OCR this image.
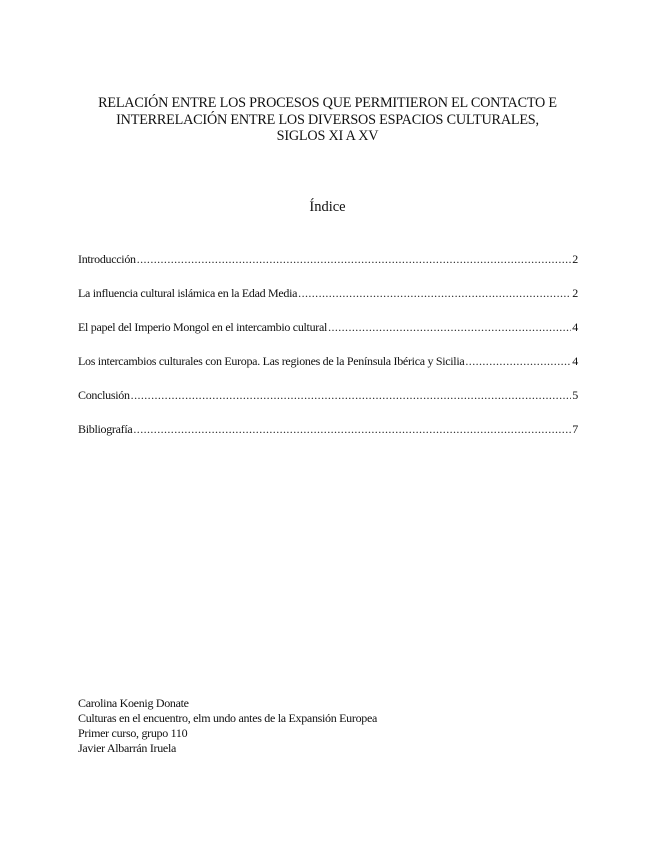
RELACIÓN ENTRE LOS PROCESOS QUE PERMITIERON EL CONTACTO E
INTERRELACIÓN ENTRE LOS DIVERSOS ESPACIOS CULTURALES,
SIGLOS XI A XV
Índice
Introducción .....	2
La influencia cultural islámica en la Edad Media .....	2
El papel del Imperio Mongol en el intercambio cultural .....	4
Los intercambios culturales con Europa. Las regiones de la Península Ibérica y Sicilia .....	4
Conclusión .....	5
Bibliografía .....	7
Carolina Koenig Donate
Culturas en el encuentro, elm undo antes de la Expansión Europea
Primer curso, grupo 110
Javier Albarrán Iruela
